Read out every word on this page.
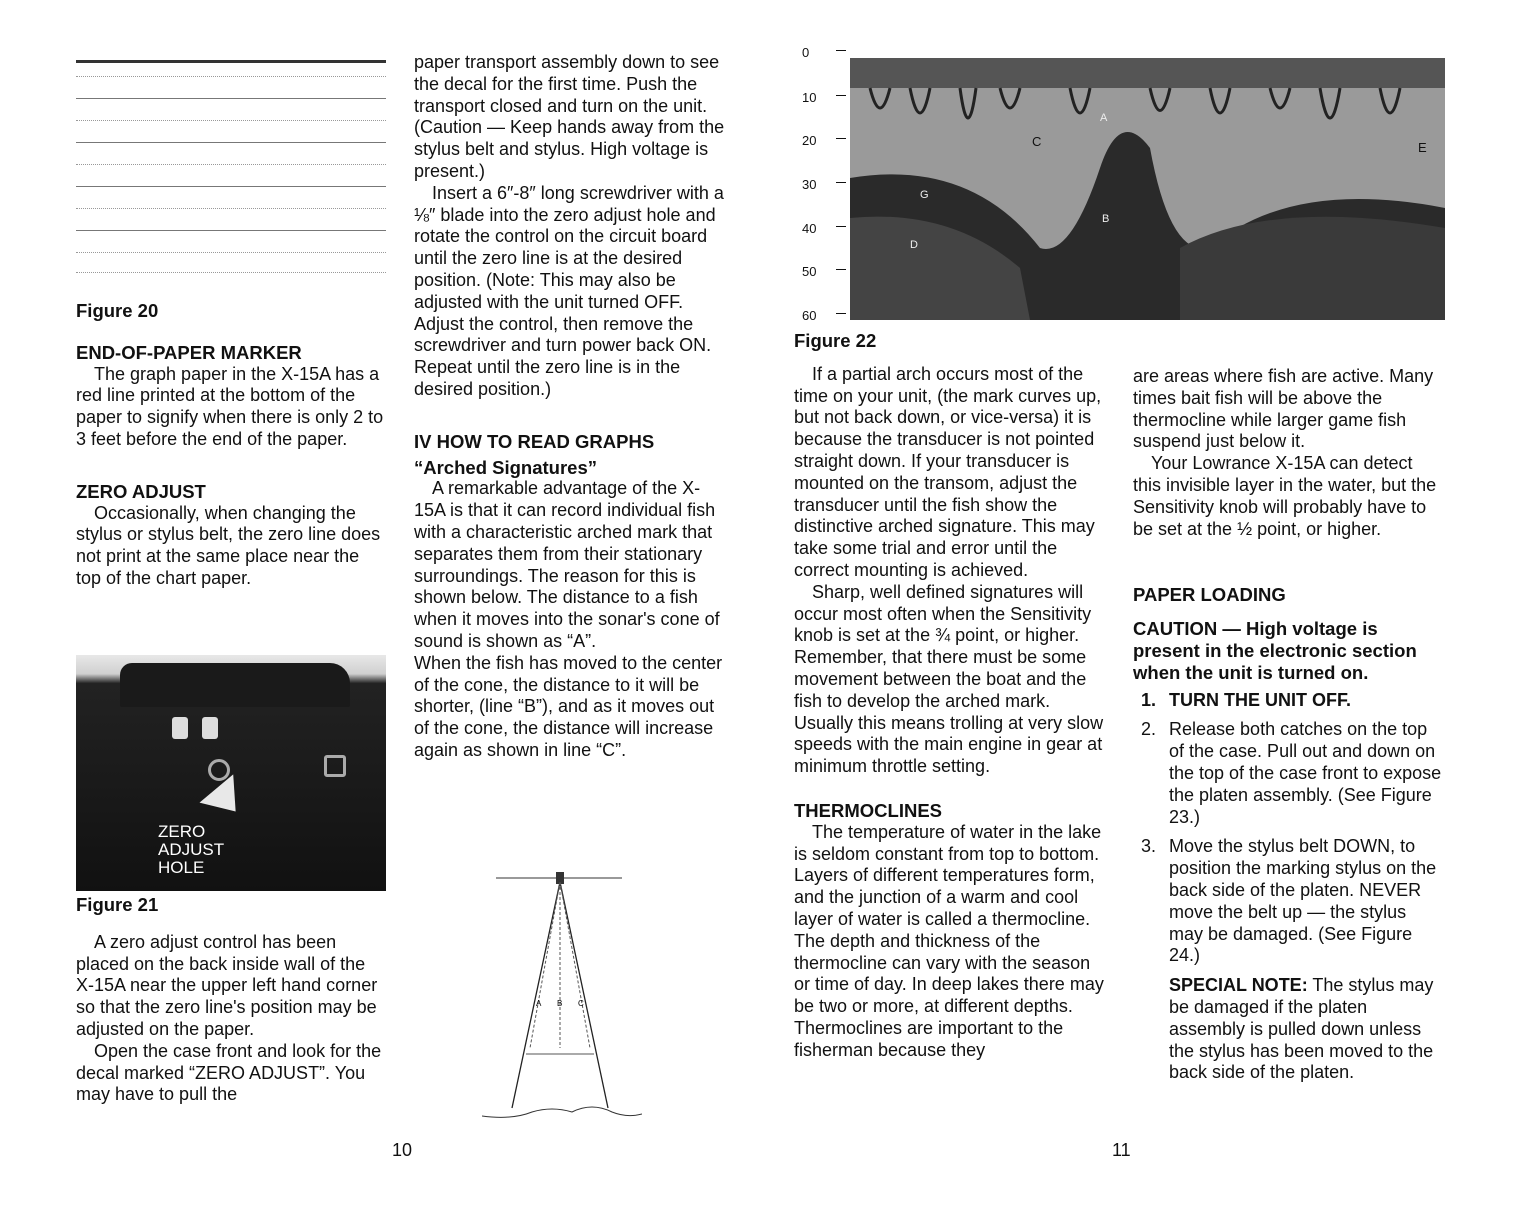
Figure 20

END-OF-PAPER MARKER

The graph paper in the X-15A has a red line printed at the bottom of the paper to signify when there is only 2 to 3 feet before the end of the paper.

ZERO ADJUST

Occasionally, when changing the stylus or stylus belt, the zero line does not print at the same place near the top of the chart paper.

ZERO ADJUST HOLE

Figure 21

A zero adjust control has been placed on the back inside wall of the X-15A near the upper left hand corner so that the zero line's position may be adjusted on the paper.

Open the case front and look for the decal marked “ZERO ADJUST”. You may have to pull the

paper transport assembly down to see the decal for the first time. Push the transport closed and turn on the unit. (Caution — Keep hands away from the stylus belt and stylus. High voltage is present.)

Insert a 6″-8″ long screwdriver with a ⅛″ blade into the zero adjust hole and rotate the control on the circuit board until the zero line is at the desired position. (Note: This may also be adjusted with the unit turned OFF. Adjust the control, then remove the screwdriver and turn power back ON. Repeat until the zero line is in the desired position.)

IV HOW TO READ GRAPHS

“Arched Signatures”

A remarkable advantage of the X-15A is that it can record individual fish with a characteristic arched mark that separates them from their stationary surroundings. The reason for this is shown below. The distance to a fish when it moves into the sonar's cone of sound is shown as “A”.

When the fish has moved to the center of the cone, the distance to it will be shorter, (line “B”), and as it moves out of the cone, the distance will increase again as shown in line “C”.

A B C
10
0
10
20
30
40
50
60
A
C	E
G
B
D

Figure 22

If a partial arch occurs most of the time on your unit, (the mark curves up, but not back down, or vice-versa) it is because the transducer is not pointed straight down. If your transducer is mounted on the transom, adjust the transducer until the fish show the distinctive arched signature. This may take some trial and error until the correct mounting is achieved.

Sharp, well defined signatures will occur most often when the Sensitivity knob is set at the ¾ point, or higher. Remember, that there must be some movement between the boat and the fish to develop the arched mark. Usually this means trolling at very slow speeds with the main engine in gear at minimum throttle setting.

THERMOCLINES

The temperature of water in the lake is seldom constant from top to bottom. Layers of different temperatures form, and the junction of a warm and cool layer of water is called a thermocline. The depth and thickness of the thermocline can vary with the season or time of day. In deep lakes there may be two or more, at different depths. Thermoclines are important to the fisherman because they

are areas where fish are active. Many times bait fish will be above the thermocline while larger game fish suspend just below it.

Your Lowrance X-15A can detect this invisible layer in the water, but the Sensitivity knob will probably have to be set at the ½ point, or higher.

PAPER LOADING

CAUTION — High voltage is present in the electronic section when the unit is turned on.

1. TURN THE UNIT OFF.
2. Release both catches on the top of the case. Pull out and down on the top of the case front to expose the platen assembly. (See Figure 23.)
3. Move the stylus belt DOWN, to position the marking stylus on the back side of the platen. NEVER move the belt up — the stylus may be damaged. (See Figure 24.)
SPECIAL NOTE: The stylus may be damaged if the platen assembly is pulled down unless the stylus has been moved to the back side of the platen.
11
